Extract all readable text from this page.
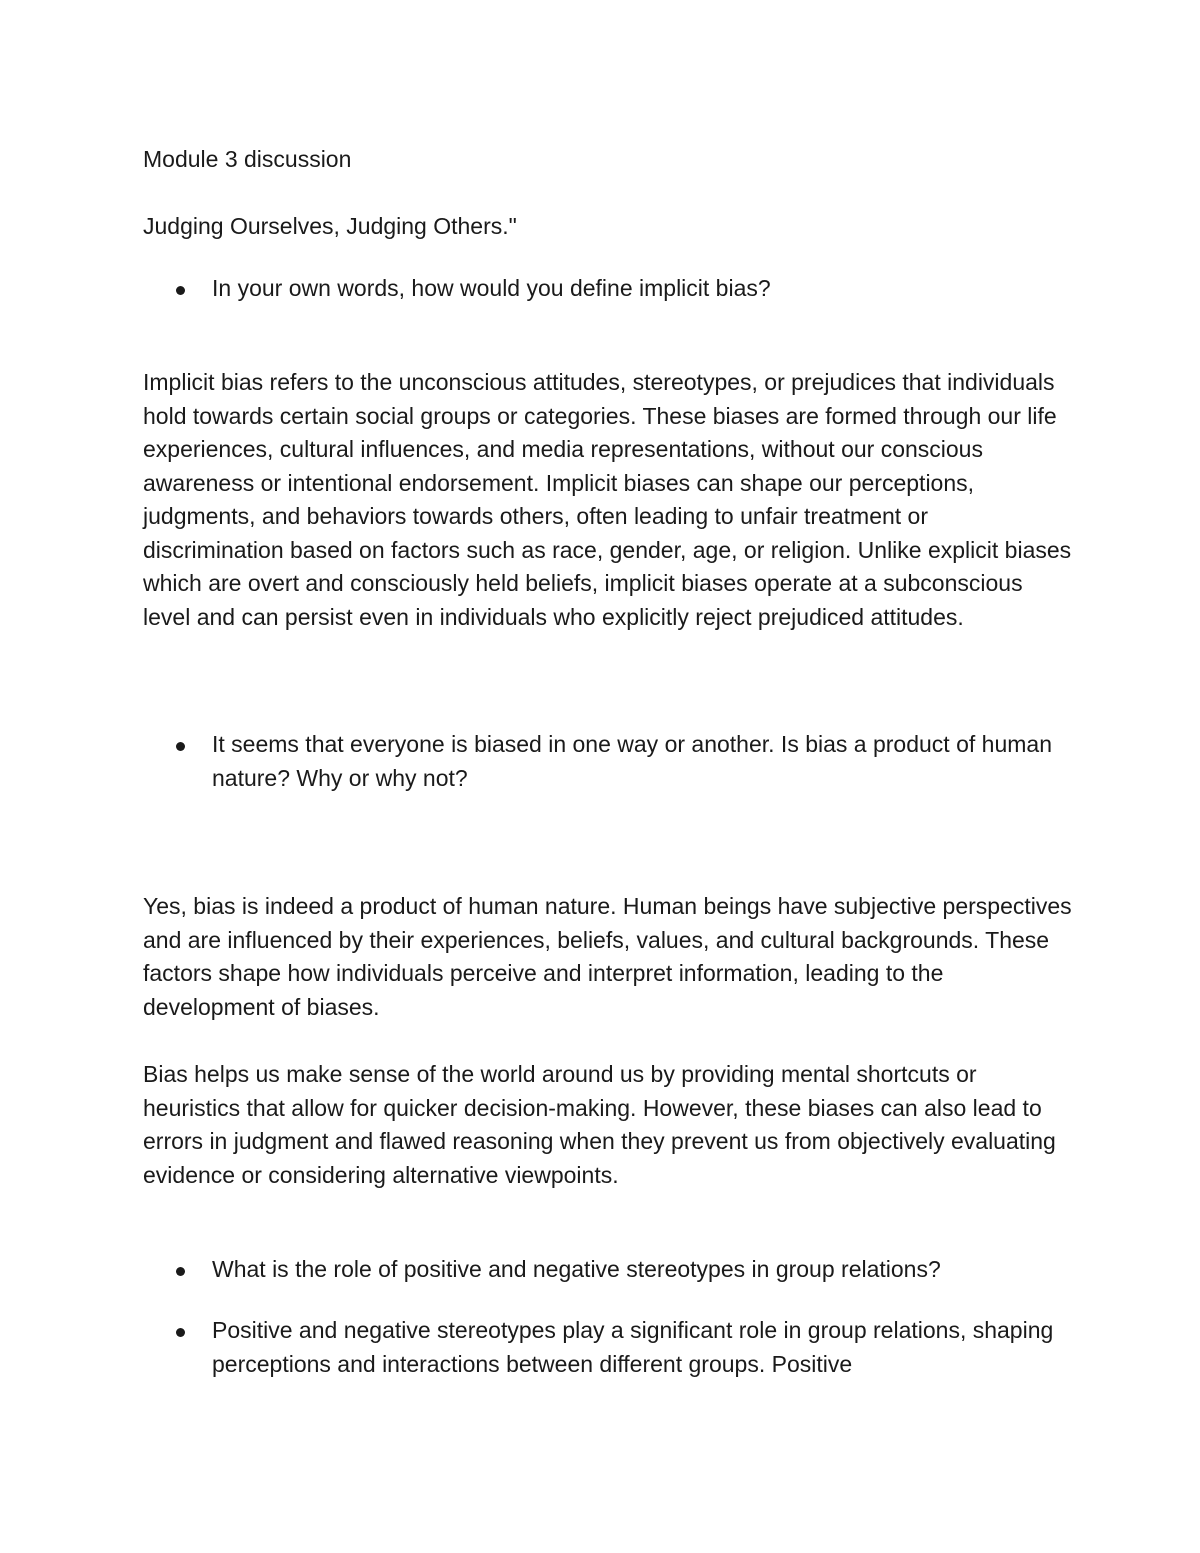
Module 3 discussion

Judging Ourselves, Judging Others."

In your own words, how would you define implicit bias?

Implicit bias refers to the unconscious attitudes, stereotypes, or prejudices that individuals hold towards certain social groups or categories. These biases are formed through our life experiences, cultural influences, and media representations, without our conscious awareness or intentional endorsement. Implicit biases can shape our perceptions, judgments, and behaviors towards others, often leading to unfair treatment or discrimination based on factors such as race, gender, age, or religion. Unlike explicit biases which are overt and consciously held beliefs, implicit biases operate at a subconscious level and can persist even in individuals who explicitly reject prejudiced attitudes.

It seems that everyone is biased in one way or another. Is bias a product of human nature? Why or why not?

Yes, bias is indeed a product of human nature. Human beings have subjective perspectives and are influenced by their experiences, beliefs, values, and cultural backgrounds. These factors shape how individuals perceive and interpret information, leading to the development of biases.

Bias helps us make sense of the world around us by providing mental shortcuts or heuristics that allow for quicker decision-making. However, these biases can also lead to errors in judgment and flawed reasoning when they prevent us from objectively evaluating evidence or considering alternative viewpoints.

What is the role of positive and negative stereotypes in group relations?
Positive and negative stereotypes play a significant role in group relations, shaping perceptions and interactions between different groups. Positive
